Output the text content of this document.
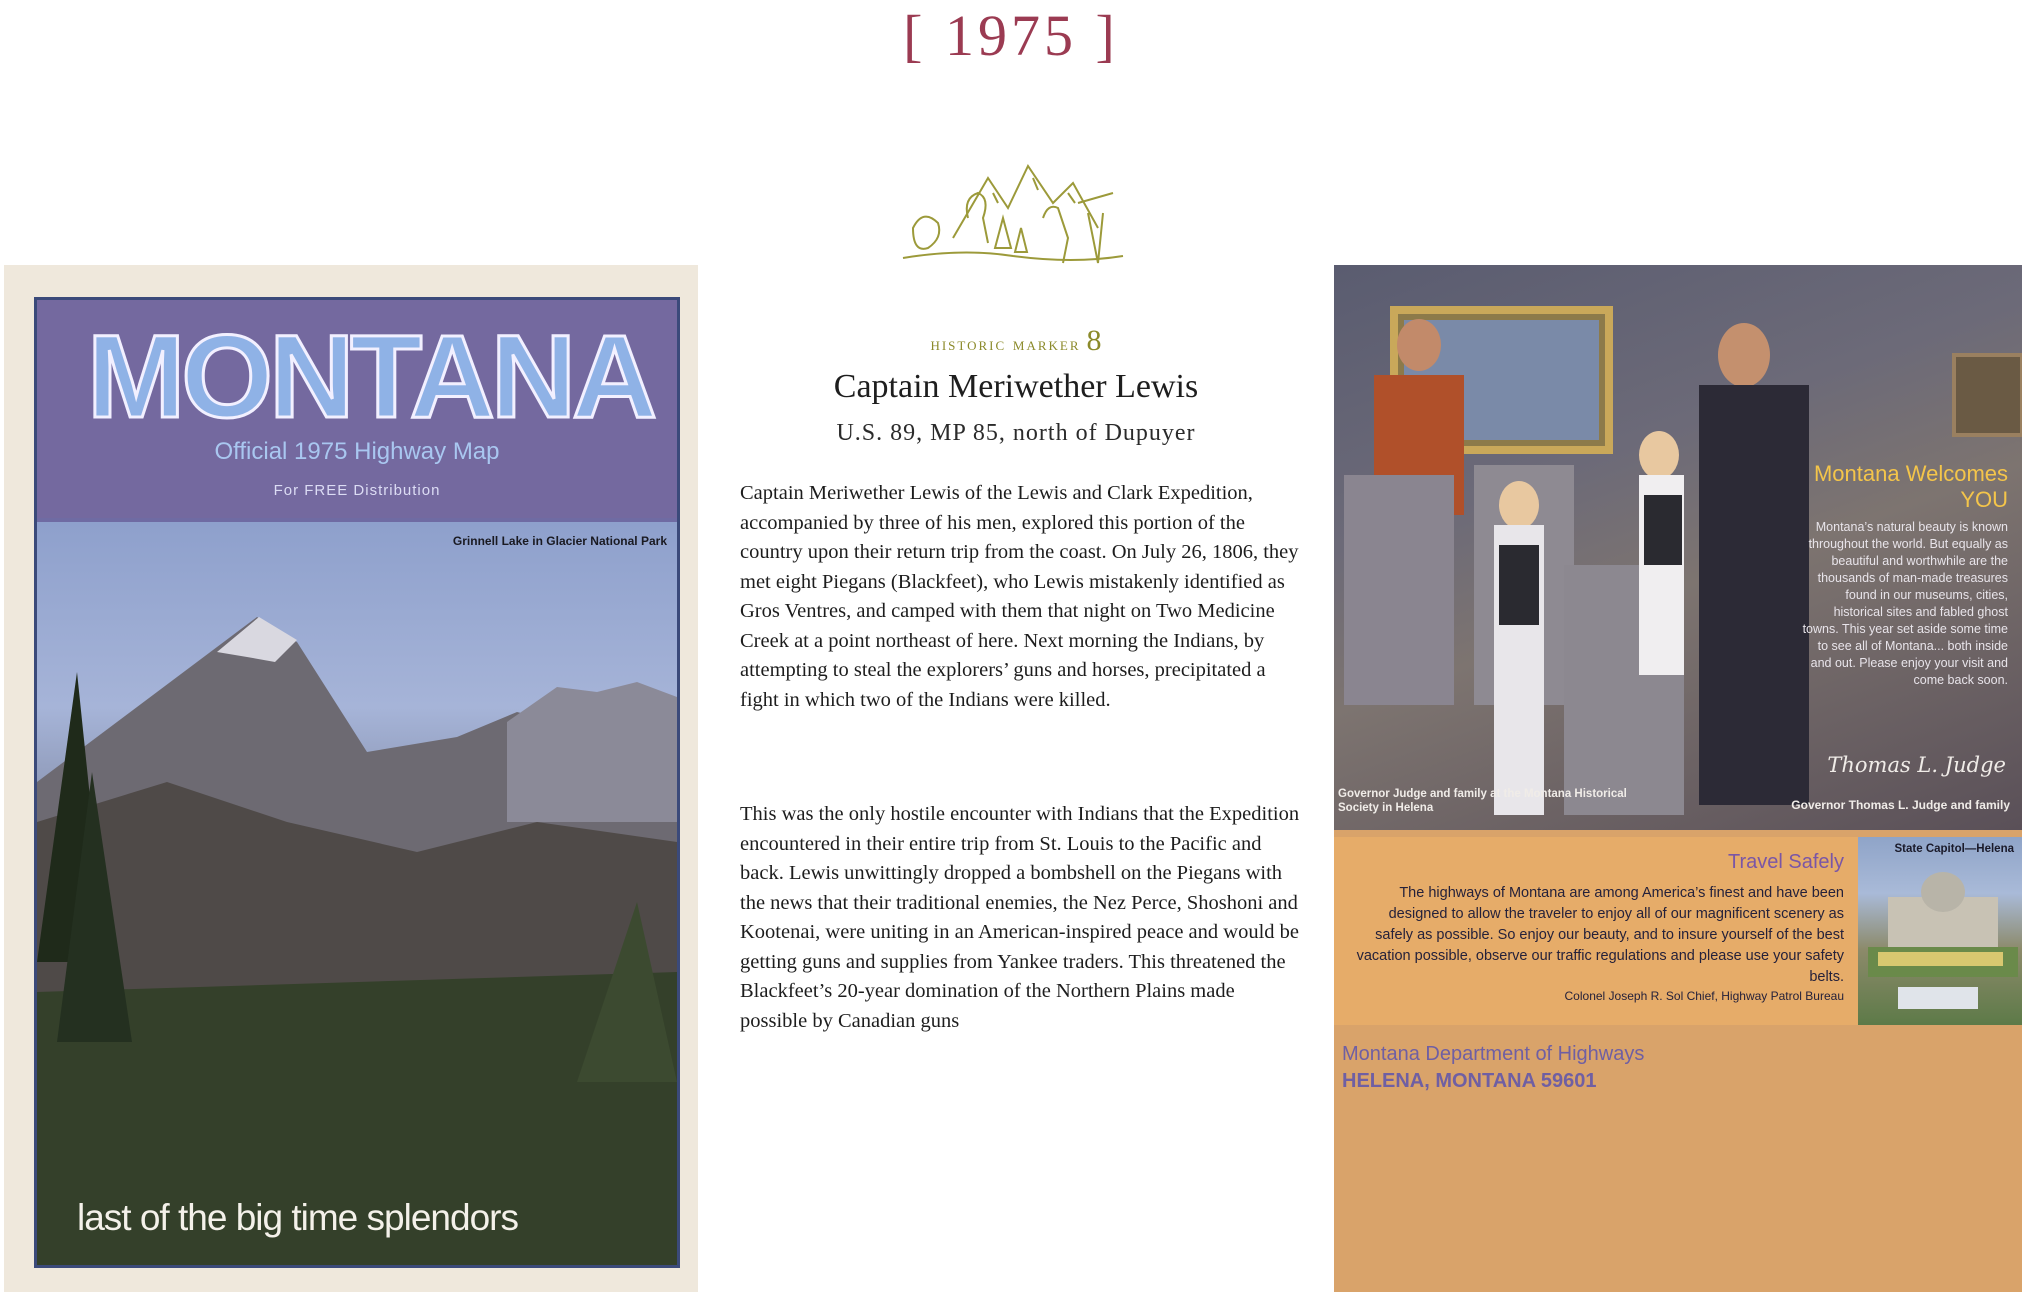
[ 1975 ]
MONTANA
Official 1975 Highway Map
For FREE Distribution
Grinnell Lake in Glacier National Park
last of the big time splendors
historic marker 8
Captain Meriwether Lewis
U.S. 89, MP 85, north of Dupuyer
Captain Meriwether Lewis of the Lewis and Clark Expedition, accompanied by three of his men, explored this portion of the country upon their return trip from the coast. On July 26, 1806, they met eight Piegans (Blackfeet), who Lewis mistakenly identified as Gros Ventres, and camped with them that night on Two Medicine Creek at a point northeast of here. Next morning the Indians, by attempting to steal the explorers’ guns and horses, precipitated a fight in which two of the Indians were killed.
This was the only hostile encounter with Indians that the Expedition encountered in their entire trip from St. Louis to the Pacific and back. Lewis unwittingly dropped a bombshell on the Piegans with the news that their traditional enemies, the Nez Perce, Shoshoni and Kootenai, were uniting in an American-inspired peace and would be getting guns and supplies from Yankee traders. This threatened the Blackfeet’s 20-year domination of the Northern Plains made possible by Canadian guns
Montana Welcomes YOU
Montana’s natural beauty is known throughout the world. But equally as beautiful and worthwhile are the thousands of man-made treasures found in our museums, cities, historical sites and fabled ghost towns. This year set aside some time to see all of Montana... both inside and out. Please enjoy your visit and come back soon.
Thomas L. Judge
Governor Judge and family at the Montana Historical Society in Helena	Governor Thomas L. Judge and family
Travel Safely
The highways of Montana are among America’s finest and have been designed to allow the traveler to enjoy all of our magnificent scenery as safely as possible. So enjoy our beauty, and to insure yourself of the best vacation possible, observe our traffic regulations and please use your safety belts.
Colonel Joseph R. Sol Chief, Highway Patrol Bureau
State Capitol—Helena
Montana Department of Highways
HELENA, MONTANA 59601
